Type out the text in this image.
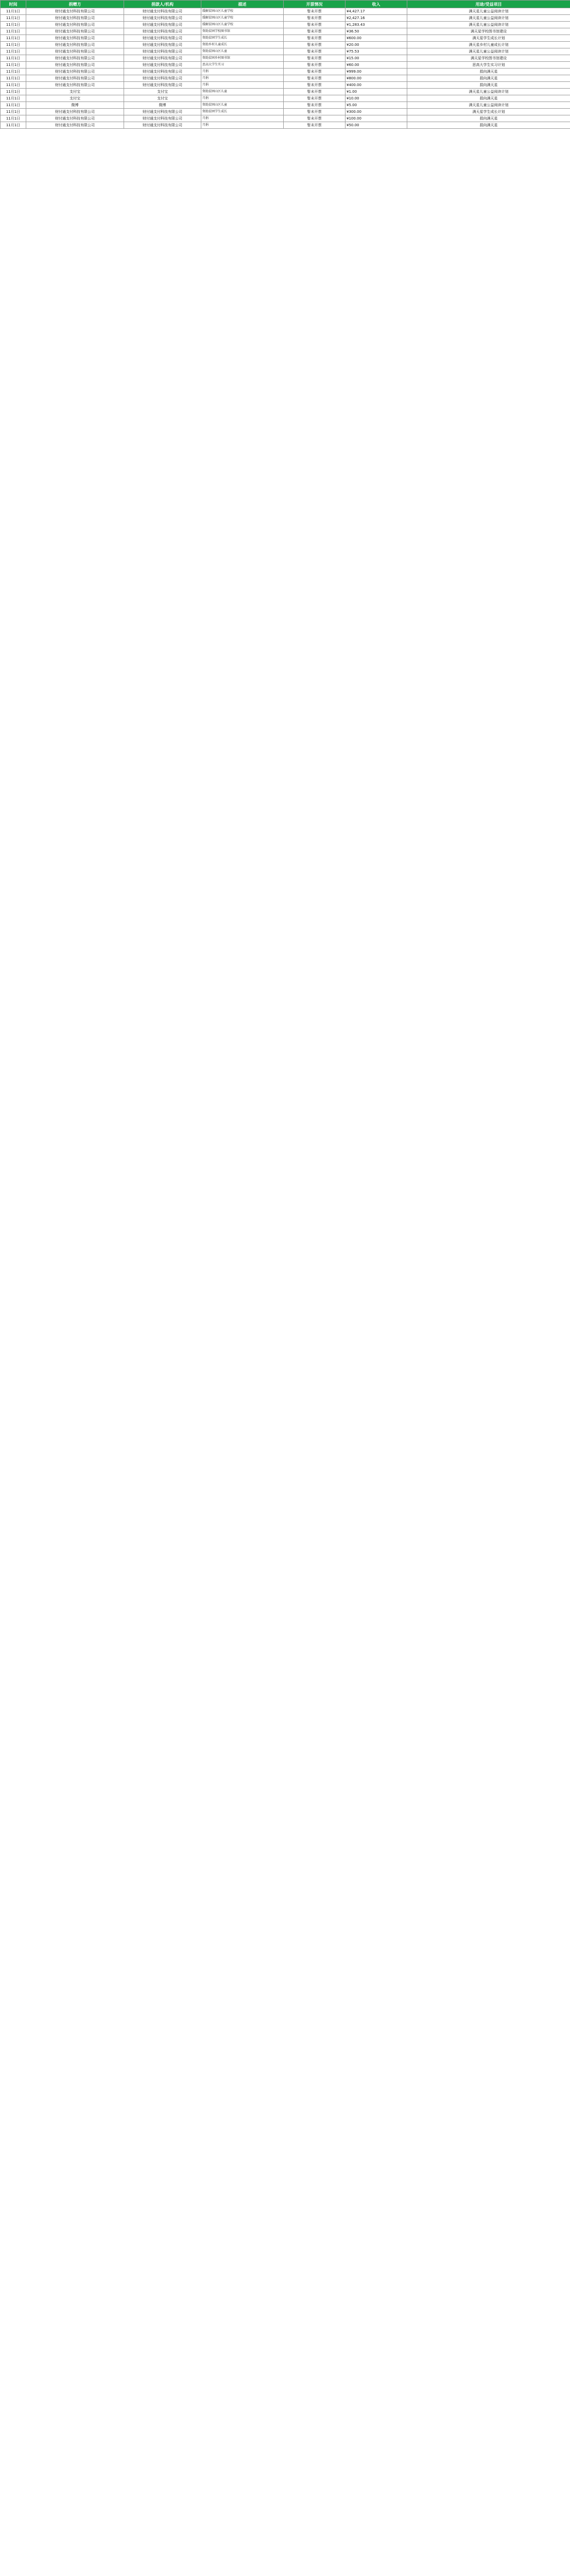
时间	捐赠方	捐款人/机构	描述	开票情况	收入	用途/受益项目
11月1日	财付通支付科技有限公司	财付通支付科技有限公司	缓解贫困山区儿童学校	暂未开票	¥4,427.17	满天星儿童公益阅读计划
11月1日	财付通支付科技有限公司	财付通支付科技有限公司	缓解贫困山区儿童学校	暂未开票	¥2,427.16	满天星儿童公益阅读计划
11月1日	财付通支付科技有限公司	财付通支付科技有限公司	缓解贫困山区儿童学校	暂未开票	¥1,283.43	满天星儿童公益阅读计划
11月1日	财付通支付科技有限公司	财付通支付科技有限公司	资助贫困学校图书馆	暂未开票	¥36.50	满天星学校图书馆建设
11月1日	财付通支付科技有限公司	财付通支付科技有限公司	资助贫困学生成长	暂未开票	¥600.00	满天星学生成长计划
11月1日	财付通支付科技有限公司	财付通支付科技有限公司	资助乡村儿童成长	暂未开票	¥20.00	满天星乡村儿童成长计划
11月1日	财付通支付科技有限公司	财付通支付科技有限公司	资助贫困山区儿童	暂未开票	¥75.53	满天星儿童公益阅读计划
11月1日	财付通支付科技有限公司	财付通支付科技有限公司	资助贫困乡村图书馆	暂未开票	¥15.00	满天星学校图书馆建设
11月1日	财付通支付科技有限公司	财付通支付科技有限公司	思高大学生实习	暂未开票	¥60.00	思高大学生实习计划
11月1日	财付通支付科技有限公司	财付通支付科技有限公司	月捐	暂未开票	¥999.00	捐向满天星
11月1日	财付通支付科技有限公司	财付通支付科技有限公司	月捐	暂未开票	¥800.00	捐向满天星
11月1日	财付通支付科技有限公司	财付通支付科技有限公司	月捐	暂未开票	¥400.00	捐向满天星
11月1日	支付宝	支付宝	资助贫困山区儿童	暂未开票	¥1.00	满天星儿童公益阅读计划
11月1日	支付宝	支付宝	月捐	暂未开票	¥10.00	捐向满天星
11月1日	微博	微博	资助贫困山区儿童	暂未开票	¥5.00	满天星儿童公益阅读计划
11月1日	财付通支付科技有限公司	财付通支付科技有限公司	资助贫困学生成长	暂未开票	¥300.00	满天星学生成长计划
11月1日	财付通支付科技有限公司	财付通支付科技有限公司	月捐	暂未开票	¥100.00	捐向满天星
11月1日	财付通支付科技有限公司	财付通支付科技有限公司	月捐	暂未开票	¥50.00	捐向满天星
